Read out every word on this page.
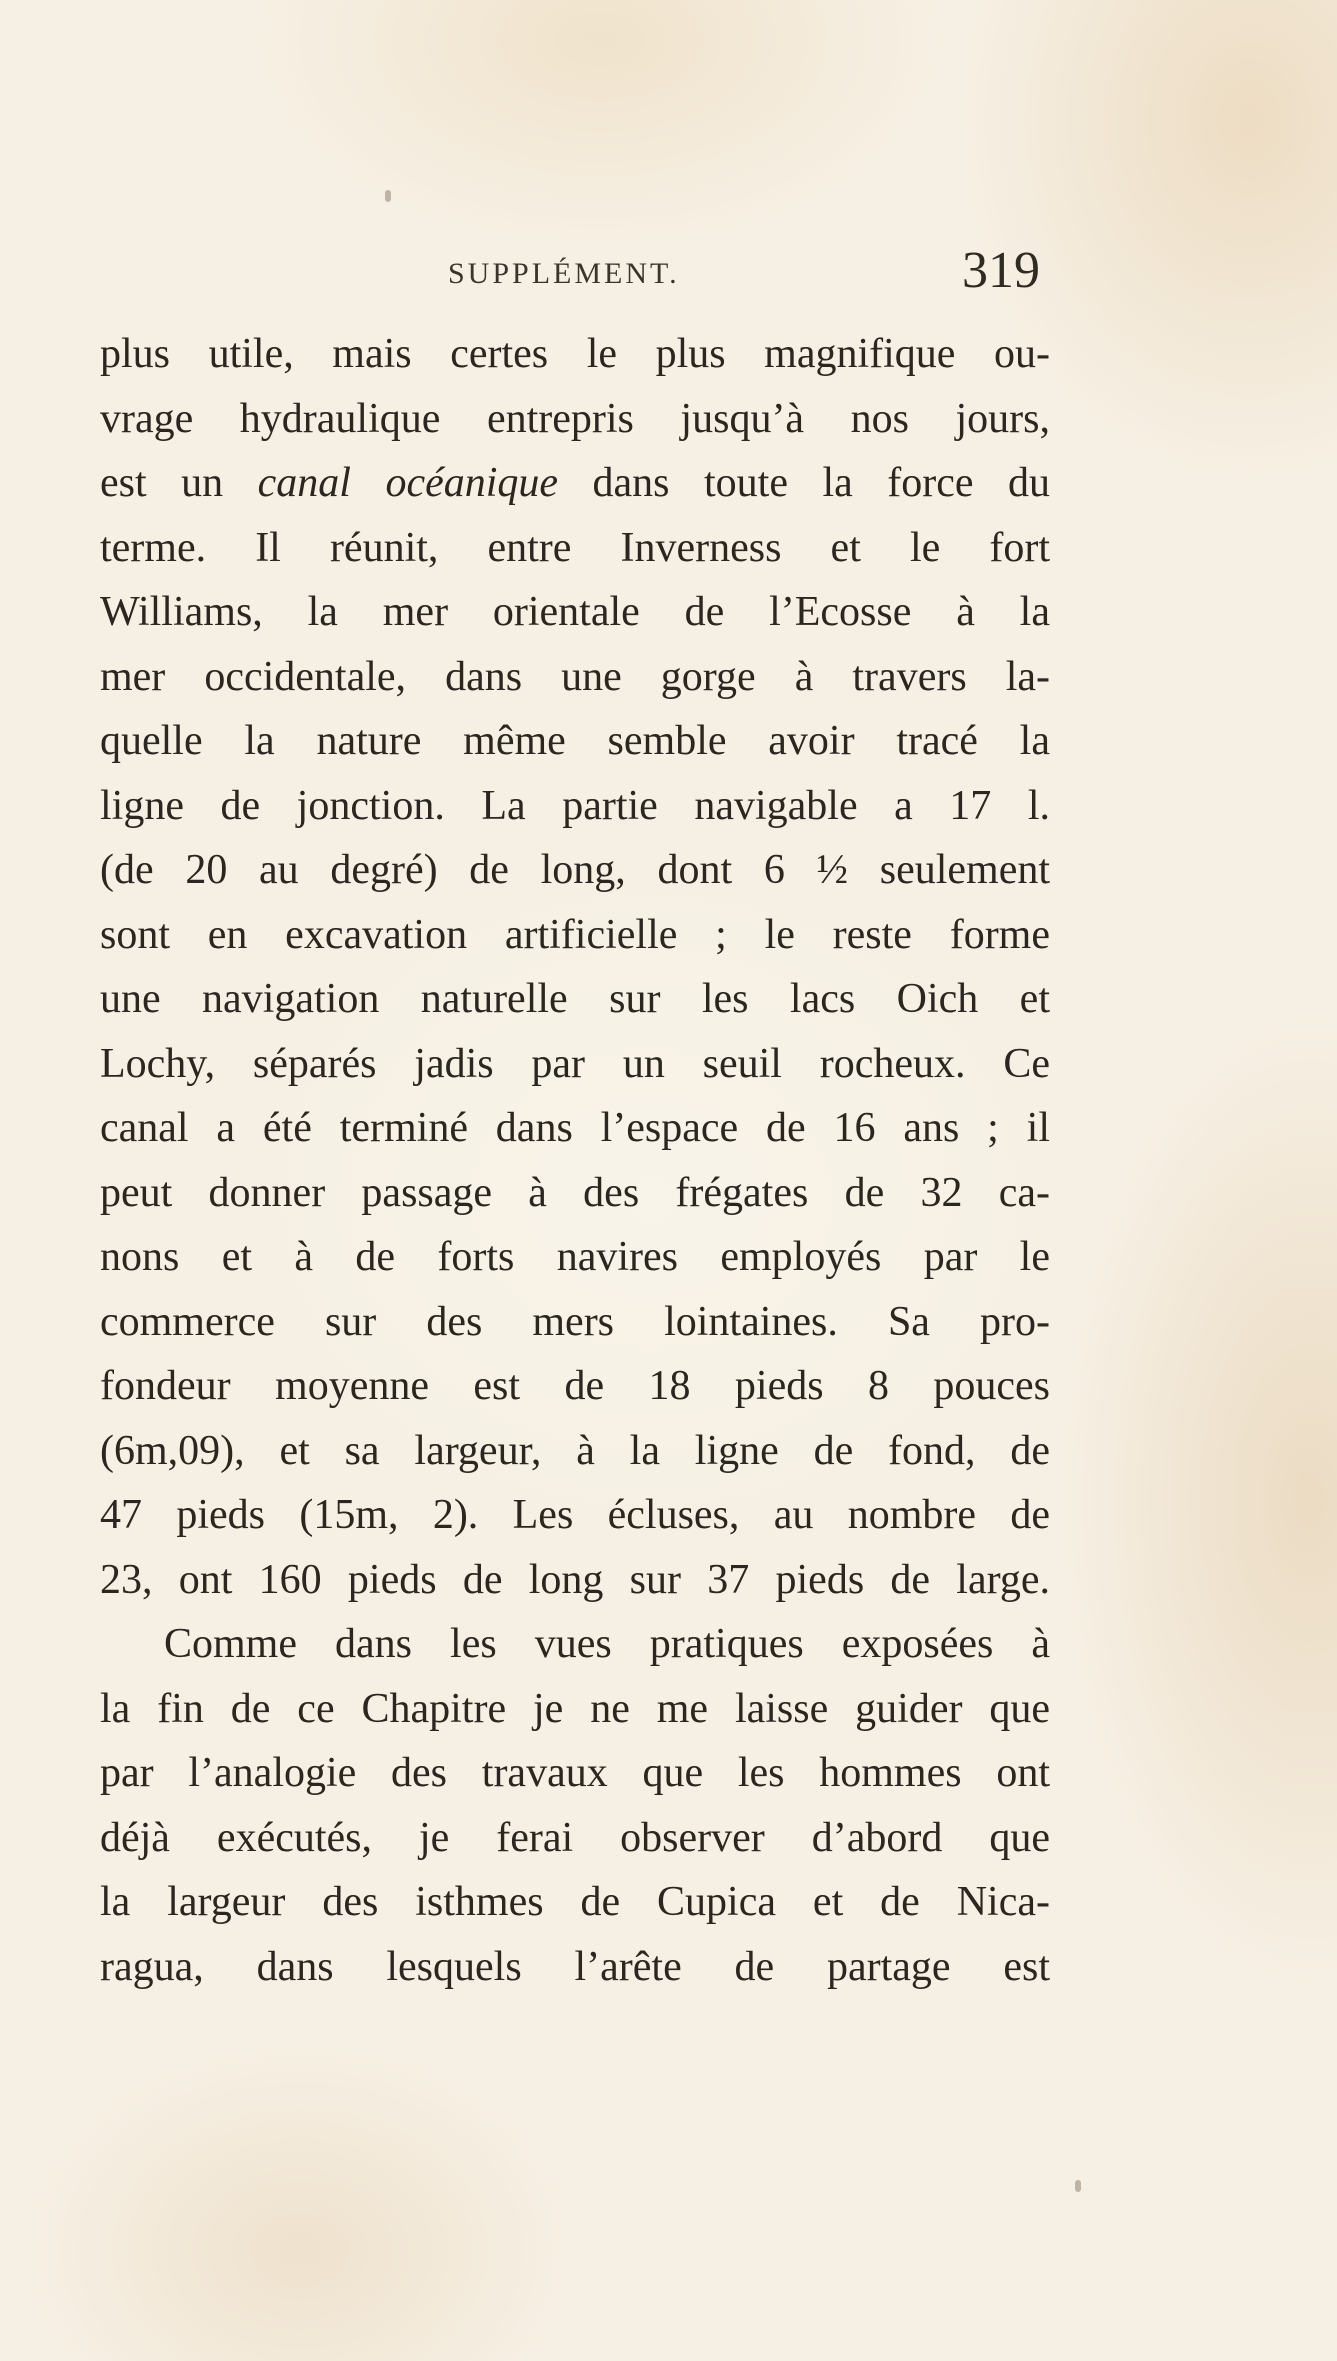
SUPPLÉMENT.	319
plus utile, mais certes le plus magnifique ou-
vrage hydraulique entrepris jusqu’à nos jours,
est un canal océanique dans toute la force du
terme. Il réunit, entre Inverness et le fort
Williams, la mer orientale de l’Ecosse à la
mer occidentale, dans une gorge à travers la-
quelle la nature même semble avoir tracé la
ligne de jonction. La partie navigable a 17 l.
(de 20 au degré) de long, dont 6 ½ seulement
sont en excavation artificielle ; le reste forme
une navigation naturelle sur les lacs Oich et
Lochy, séparés jadis par un seuil rocheux. Ce
canal a été terminé dans l’espace de 16 ans ; il
peut donner passage à des frégates de 32 ca-
nons et à de forts navires employés par le
commerce sur des mers lointaines. Sa pro-
fondeur moyenne est de 18 pieds 8 pouces
(6m,09), et sa largeur, à la ligne de fond, de
47 pieds (15m, 2). Les écluses, au nombre de
23, ont 160 pieds de long sur 37 pieds de large.
Comme dans les vues pratiques exposées à
la fin de ce Chapitre je ne me laisse guider que
par l’analogie des travaux que les hommes ont
déjà exécutés, je ferai observer d’abord que
la largeur des isthmes de Cupica et de Nica-
ragua, dans lesquels l’arête de partage est
